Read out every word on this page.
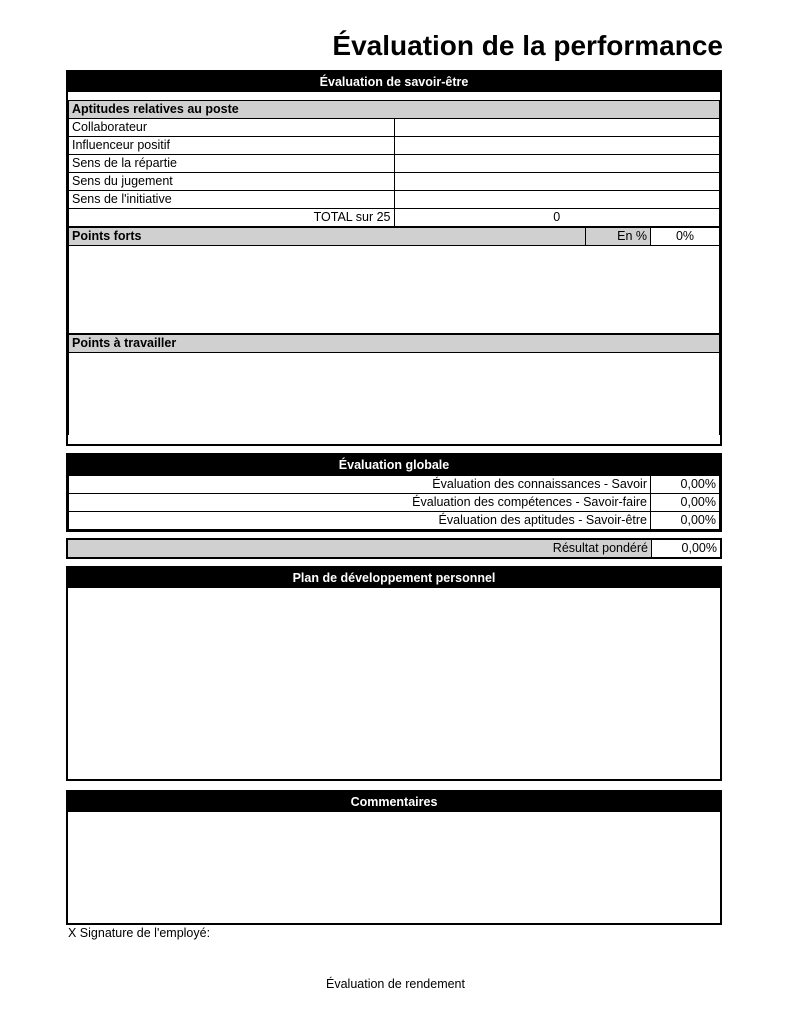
Évaluation de la performance
Évaluation de savoir-être
Aptitudes relatives au poste	
Collaborateur	
Influenceur positif	
Sens de la répartie	
Sens du jugement	
Sens de l'initiative	
TOTAL sur 25	0
Points forts	En %	0%
Points à travailler
Évaluation globale
Évaluation des connaissances - Savoir	0,00%
Évaluation des compétences - Savoir-faire	0,00%
Évaluation des aptitudes - Savoir-être	0,00%
Résultat pondéré	0,00%
Plan de développement personnel
Commentaires
X Signature de l'employé:
Évaluation de rendement
